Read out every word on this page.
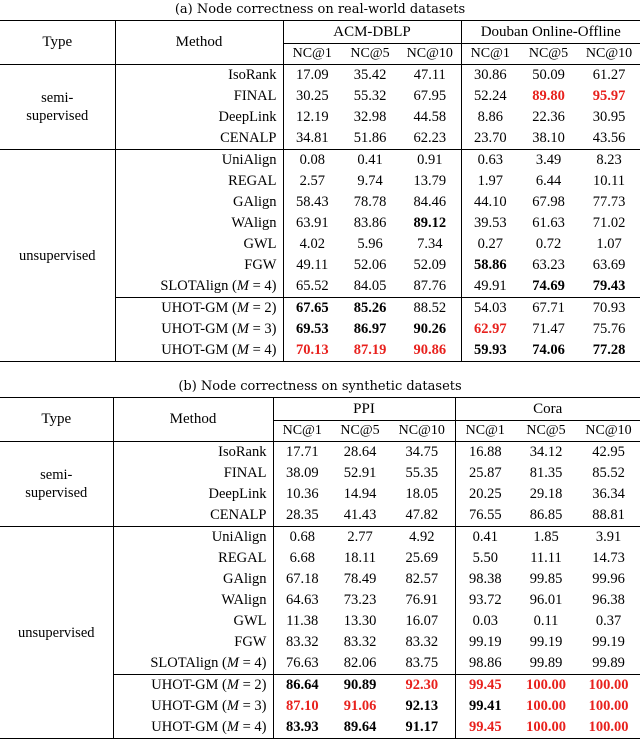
(a) Node correctness on real-world datasets
Type	Method	ACM-DBLP			Douban Online-Offline		
		NC@1	NC@5	NC@10	NC@1	NC@5	NC@10

semi-
supervised	IsoRank	17.09	35.42	47.11	30.86	50.09	61.27
	FINAL	30.25	55.32	67.95	52.24	89.80	95.97
	DeepLink	12.19	32.98	44.58	8.86	22.36	30.95
	CENALP	34.81	51.86	62.23	23.70	38.10	43.56
unsupervised	UniAlign	0.08	0.41	0.91	0.63	3.49	8.23
	REGAL	2.57	9.74	13.79	1.97	6.44	10.11
	GAlign	58.43	78.78	84.46	44.10	67.98	77.73
	WAlign	63.91	83.86	89.12	39.53	61.63	71.02
	GWL	4.02	5.96	7.34	0.27	0.72	1.07
	FGW	49.11	52.06	52.09	58.86	63.23	63.69
	SLOTAlign (M = 4)	65.52	84.05	87.76	49.91	74.69	79.43
	UHOT-GM (M = 2)	67.65	85.26	88.52	54.03	67.71	70.93
	UHOT-GM (M = 3)	69.53	86.97	90.26	62.97	71.47	75.76
	UHOT-GM (M = 4)	70.13	87.19	90.86	59.93	74.06	77.28
(b) Node correctness on synthetic datasets
Type	Method	PPI			Cora		
		NC@1	NC@5	NC@10	NC@1	NC@5	NC@10

semi-
supervised	IsoRank	17.71	28.64	34.75	16.88	34.12	42.95
	FINAL	38.09	52.91	55.35	25.87	81.35	85.52
	DeepLink	10.36	14.94	18.05	20.25	29.18	36.34
	CENALP	28.35	41.43	47.82	76.55	86.85	88.81
unsupervised	UniAlign	0.68	2.77	4.92	0.41	1.85	3.91
	REGAL	6.68	18.11	25.69	5.50	11.11	14.73
	GAlign	67.18	78.49	82.57	98.38	99.85	99.96
	WAlign	64.63	73.23	76.91	93.72	96.01	96.38
	GWL	11.38	13.30	16.07	0.03	0.11	0.37
	FGW	83.32	83.32	83.32	99.19	99.19	99.19
	SLOTAlign (M = 4)	76.63	82.06	83.75	98.86	99.89	99.89
	UHOT-GM (M = 2)	86.64	90.89	92.30	99.45	100.00	100.00
	UHOT-GM (M = 3)	87.10	91.06	92.13	99.41	100.00	100.00
	UHOT-GM (M = 4)	83.93	89.64	91.17	99.45	100.00	100.00
